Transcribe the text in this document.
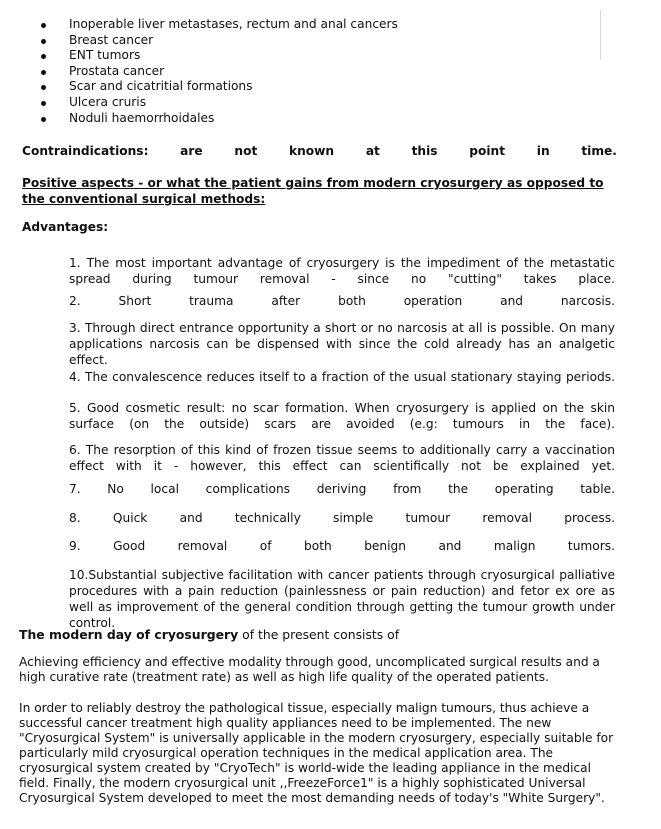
Inoperable liver metastases, rectum and anal cancers
Breast cancer
ENT tumors
Prostata cancer
Scar and cicatritial formations
Ulcera cruris
Noduli haemorrhoidales
Contraindications:	are	not	known	at	this	point	in	time.
Positive aspects - or what the patient gains from modern cryosurgery as opposed to the conventional surgical methods:
Advantages:

1. The most important advantage of cryosurgery is the impediment of the metastatic spread during tumour removal - since no "cutting" takes place.

2. Short trauma after both operation and narcosis.

3. Through direct entrance opportunity a short or no narcosis at all is possible. On many applications narcosis can be dispensed with since the cold already has an analgetic effect.

4. The convalescence reduces itself to a fraction of the usual stationary staying periods.

5. Good cosmetic result: no scar formation. When cryosurgery is applied on the skin surface (on the outside) scars are avoided (e.g: tumours in the face).

6. The resorption of this kind of frozen tissue seems to additionally carry a vaccination effect with it - however, this effect can scientifically not be explained yet.

7. No local complications deriving from the operating table.

8. Quick and technically simple tumour removal process.

9. Good removal of both benign and malign tumors.

10.Substantial subjective facilitation with cancer patients through cryosurgical palliative procedures with a pain reduction (painlessness or pain reduction) and fetor ex ore as well as improvement of the general condition through getting the tumour growth under control.

The modern day of cryosurgery of the present consists of

Achieving efficiency and effective modality through good, uncomplicated surgical results and a high curative rate (treatment rate) as well as high life quality of the operated patients.

In order to reliably destroy the pathological tissue, especially malign tumours, thus achieve a successful cancer treatment high quality appliances need to be implemented. The new "Cryosurgical System" is universally applicable in the modern cryosurgery, especially suitable for particularly mild cryosurgical operation techniques in the medical application area. The cryosurgical system created by "CryoTech" is world-wide the leading appliance in the medical field. Finally, the modern cryosurgical unit ,,FreezeForce1" is a highly sophisticated Universal Cryosurgical System developed to meet the most demanding needs of today's "White Surgery".
